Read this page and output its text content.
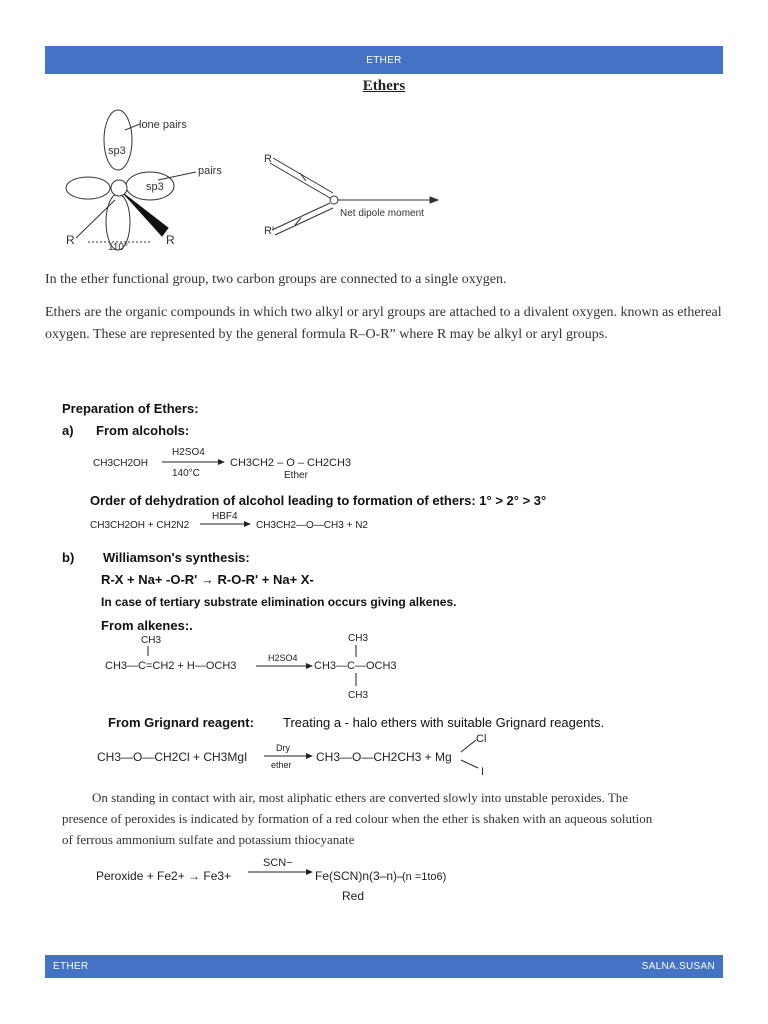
ETHER
Ethers
lone pairs
pairs
sp3
sp3
R	R
110°
R
R'
Net dipole moment
In the ether functional group, two carbon groups are connected to a single oxygen.
Ethers are the organic compounds in which two alkyl or aryl groups are attached to a divalent oxygen. known as ethereal oxygen. These are represented by the general formula R–O-R” where R may be alkyl or aryl groups.
Preparation of Ethers:
a) From alcohols:
CH3CH2OH
H2SO4
140°C
CH3CH2 – O – CH2CH3
Ether
Order of dehydration of alcohol leading to formation of ethers: 1° > 2° > 3°
CH3CH2OH + CH2N2
HBF4
CH3CH2—O—CH3 + N2
b) Williamson's synthesis:
R-X + Na+ -O-R' → R-O-R' + Na+ X-
In case of tertiary substrate elimination occurs giving alkenes.
From alkenes:.
CH3
CH3—C=CH2 + H—OCH3
H2SO4
CH3
CH3—C—OCH3
CH3
From Grignard reagent: Treating a - halo ethers with suitable Grignard reagents.
CH3—O—CH2Cl + CH3MgI
Dry
ether
CH3—O—CH2CH3 + Mg
Cl
I
On standing in contact with air, most aliphatic ethers are converted slowly into unstable peroxides. The presence of peroxides is indicated by formation of a red colour when the ether is shaken with an aqueous solution of ferrous ammonium sulfate and potassium thiocyanate
Peroxide + Fe2+ → Fe3+
SCN−
Fe(SCN)n(3–n)–
(n =1to6)
Red
ETHER	SALNA.SUSAN
